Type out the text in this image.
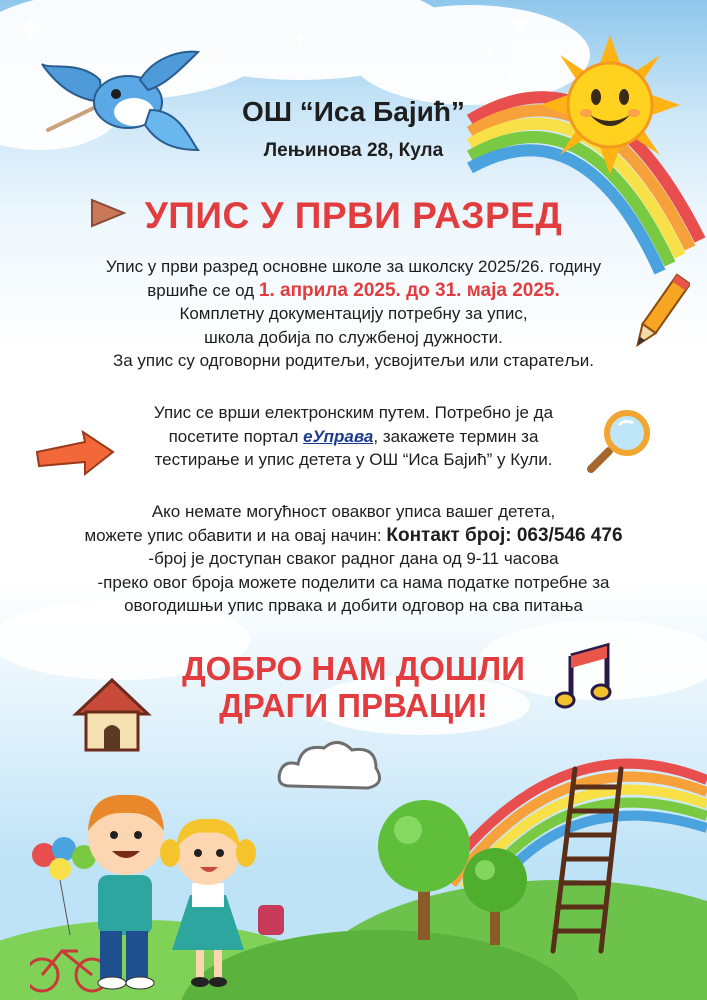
ОШ “Иса Бајић”
Лењинова 28, Кула
УПИС У ПРВИ РАЗРЕД
Упис у први разред основне школе за школску 2025/26. годину
вршиће се од 1. априла 2025. до 31. маја 2025.
Комплетну документацију потребну за упис,
школа добија по службеној дужности.
За упис су одговорни родитељи, усвојитељи или старатељи.
Упис се врши електронским путем. Потребно је да
посетите портал еУправа, закажете термин за
тестирање и упис детета у ОШ “Иса Бајић” у Кули.
Ако немате могућност оваквог уписа вашег детета,
можете упис обавити и на овај начин: Контакт број: 063/546 476
-број је доступан сваког радног дана од 9-11 часова
-преко овог броја можете поделити са нама податке потребне за
овогодишњи упис првака и добити одговор на сва питања
ДОБРО НАМ ДОШЛИ
ДРАГИ ПРВАЦИ!
